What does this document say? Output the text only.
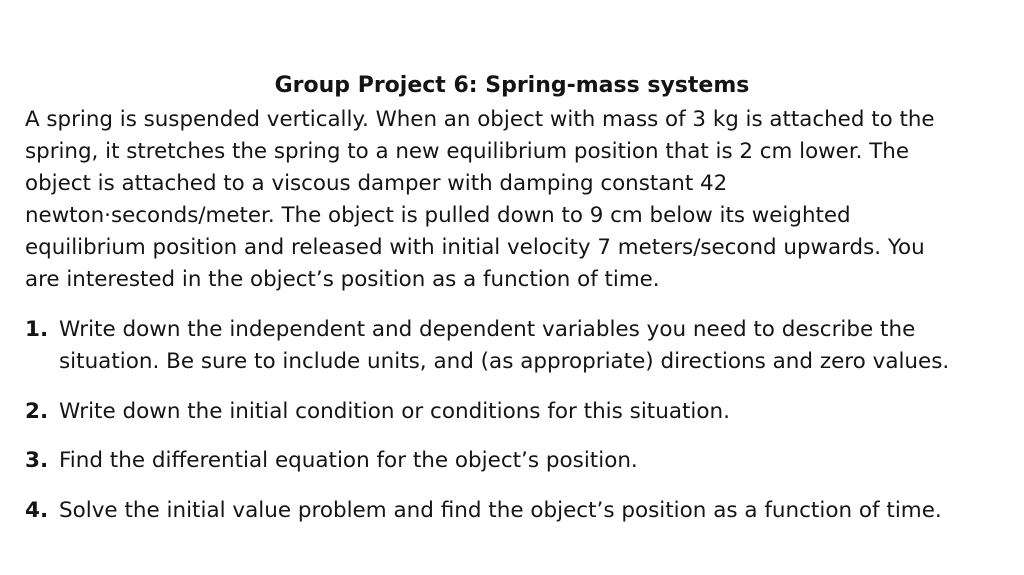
Group Project 6: Spring-mass systems
A spring is suspended vertically. When an object with mass of 3 kg is attached to the
spring, it stretches the spring to a new equilibrium position that is 2 cm lower. The
object is attached to a viscous damper with damping constant 42
newton·seconds/meter. The object is pulled down to 9 cm below its weighted
equilibrium position and released with initial velocity 7 meters/second upwards. You
are interested in the object’s position as a function of time.
1. Write down the independent and dependent variables you need to describe the
situation. Be sure to include units, and (as appropriate) directions and zero values.
2. Write down the initial condition or conditions for this situation.
3. Find the differential equation for the object’s position.
4. Solve the initial value problem and find the object’s position as a function of time.
